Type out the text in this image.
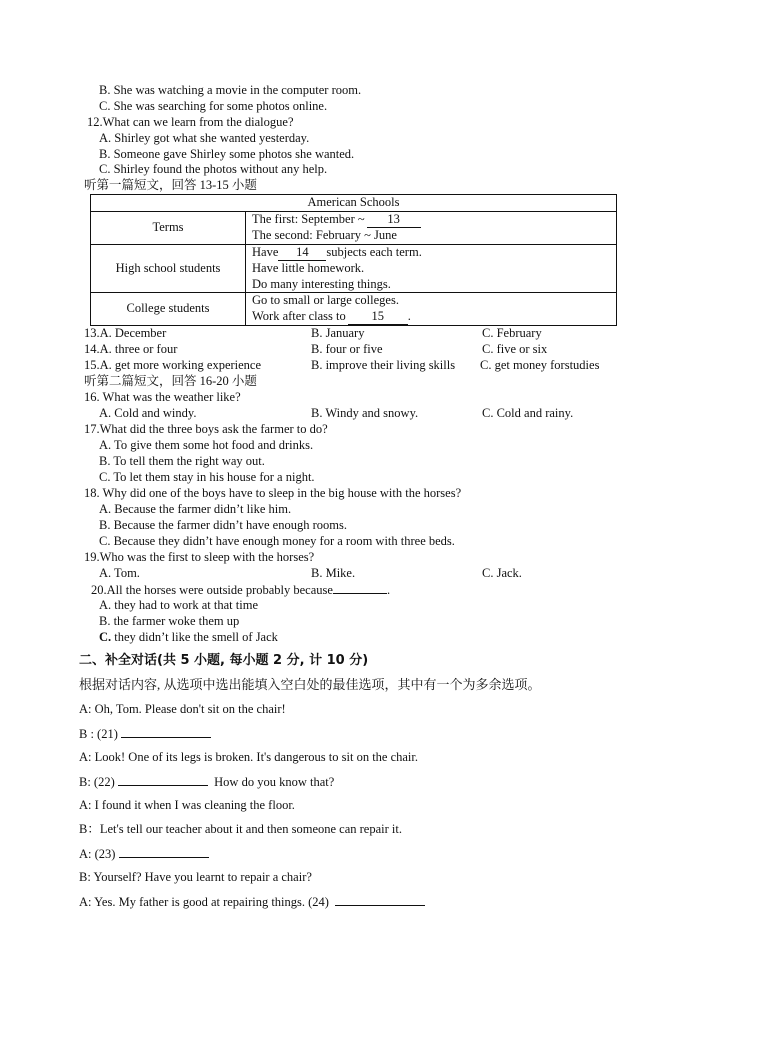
B. She was watching a movie in the computer room.
C. She was searching for some photos online.
12.What can we learn from the dialogue?
A. Shirley got what she wanted yesterday.
B. Someone gave Shirley some photos she wanted.
C. Shirley found the photos without any help.
听第一篇短文，回答 13-15 小题
American Schools	
Terms	The first: September ~ 13
The second: February ~ June

High school students	Have 14 subjects each term.
Have little homework.
Do many interesting things.

College students	Go to small or large colleges.
Work after class to 15 .
13.A. December	B. January	C. February
14.A. three or four	B. four or five	C. five or six
15.A. get more working experience	B. improve their living skills C. get money forstudies
听第二篇短文，回答 16-20 小题
16. What was the weather like?
A. Cold and windy.	B. Windy and snowy.	C. Cold and rainy.
17.What did the three boys ask the farmer to do?
A. To give them some hot food and drinks.
B. To tell them the right way out.
C. To let them stay in his house for a night.
18. Why did one of the boys have to sleep in the big house with the horses?
A. Because the farmer didn’t like him.
B. Because the farmer didn’t have enough rooms.
C. Because they didn’t have enough money for a room with three beds.
19.Who was the first to sleep with the horses?
A. Tom.	B. Mike.	C. Jack.
20.All the horses were outside probably because	.
A. they had to work at that time
B. the farmer woke them up
C. they didn’t like the smell of Jack
二、补全对话(共 5 小题, 每小题 2 分, 计 10 分)
根据对话内容, 从选项中选出能填入空白处的最佳选项，其中有一个为多余选项。
A: Oh, Tom. Please don't sit on the chair!
B : (21)
A: Look! One of its legs is broken. It's dangerous to sit on the chair.
B: (22)	How do you know that?
A: I found it when I was cleaning the floor.
B：Let's tell our teacher about it and then someone can repair it.
A: (23)
B: Yourself? Have you learnt to repair a chair?
A: Yes. My father is good at repairing things. (24)
